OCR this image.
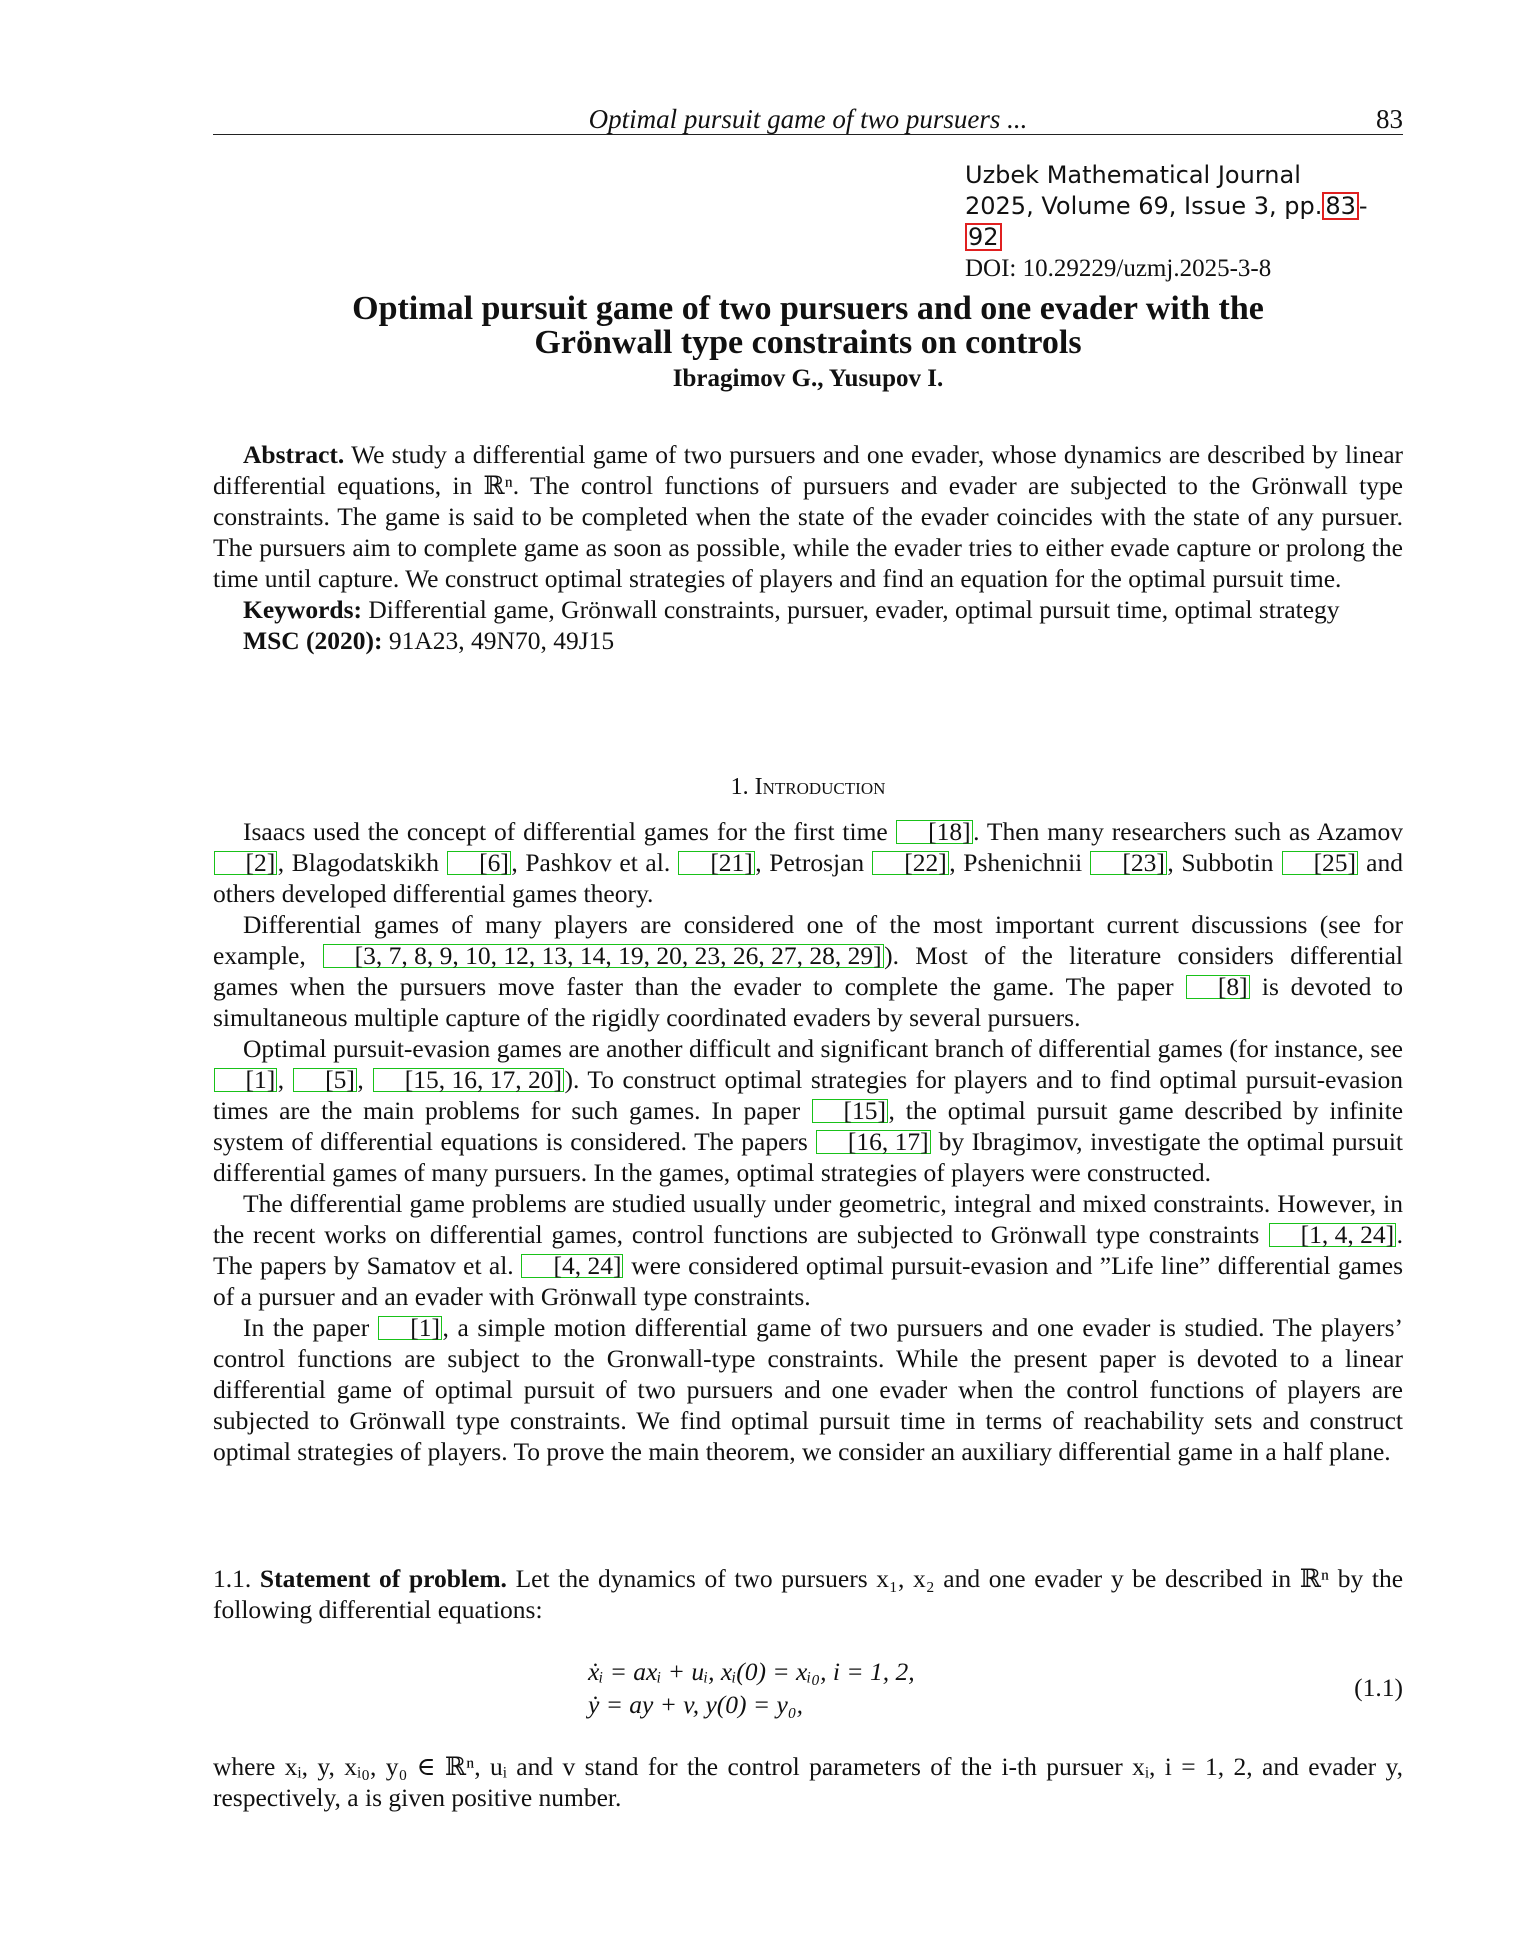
Optimal pursuit game of two pursuers ...	83
Uzbek Mathematical Journal
2025, Volume 69, Issue 3, pp. 83 -92
DOI: 10.29229/uzmj.2025-3-8
Optimal pursuit game of two pursuers and one evader with the
Grönwall type constraints on controls
Ibragimov G., Yusupov I.

Abstract. We study a differential game of two pursuers and one evader, whose dynamics are described by linear differential equations, in ℝⁿ. The control functions of pursuers and evader are subjected to the Grönwall type constraints. The game is said to be completed when the state of the evader coincides with the state of any pursuer. The pursuers aim to complete game as soon as possible, while the evader tries to either evade capture or prolong the time until capture. We construct optimal strategies of players and find an equation for the optimal pursuit time.

Keywords: Differential game, Grönwall constraints, pursuer, evader, optimal pursuit time, optimal strategy

MSC (2020): 91A23, 49N70, 49J15

1. Introduction

Isaacs used the concept of differential games for the first time [18]. Then many researchers such as Azamov [2], Blagodatskikh [6], Pashkov et al. [21], Petrosjan [22], Pshenichnii [23], Subbotin [25] and others developed differential games theory.

Differential games of many players are considered one of the most important current discussions (see for example, [3, 7, 8, 9, 10, 12, 13, 14, 19, 20, 23, 26, 27, 28, 29]). Most of the literature considers differential games when the pursuers move faster than the evader to complete the game. The paper [8] is devoted to simultaneous multiple capture of the rigidly coordinated evaders by several pursuers.

Optimal pursuit-evasion games are another difficult and significant branch of differential games (for instance, see [1], [5], [15, 16, 17, 20]). To construct optimal strategies for players and to find optimal pursuit-evasion times are the main problems for such games. In paper [15], the optimal pursuit game described by infinite system of differential equations is considered. The papers [16, 17] by Ibragimov, investigate the optimal pursuit differential games of many pursuers. In the games, optimal strategies of players were constructed.

The differential game problems are studied usually under geometric, integral and mixed constraints. However, in the recent works on differential games, control functions are subjected to Grönwall type constraints [1, 4, 24]. The papers by Samatov et al. [4, 24] were considered optimal pursuit-evasion and ”Life line” differential games of a pursuer and an evader with Grönwall type constraints.

In the paper [1], a simple motion differential game of two pursuers and one evader is studied. The players’ control functions are subject to the Gronwall-type constraints. While the present paper is devoted to a linear differential game of optimal pursuit of two pursuers and one evader when the control functions of players are subjected to Grönwall type constraints. We find optimal pursuit time in terms of reachability sets and construct optimal strategies of players. To prove the main theorem, we consider an auxiliary differential game in a half plane.

1.1. Statement of problem. Let the dynamics of two pursuers x₁, x₂ and one evader y be described in ℝⁿ by the following differential equations:

ẋᵢ = axᵢ + uᵢ, xᵢ(0) = xᵢ₀, i = 1, 2,
ẏ = ay + v, y(0) = y₀,
(1.1)

where xᵢ, y, xᵢ₀, y₀ ∈ ℝⁿ, uᵢ and v stand for the control parameters of the i-th pursuer xᵢ, i = 1, 2, and evader y, respectively, a is given positive number.
